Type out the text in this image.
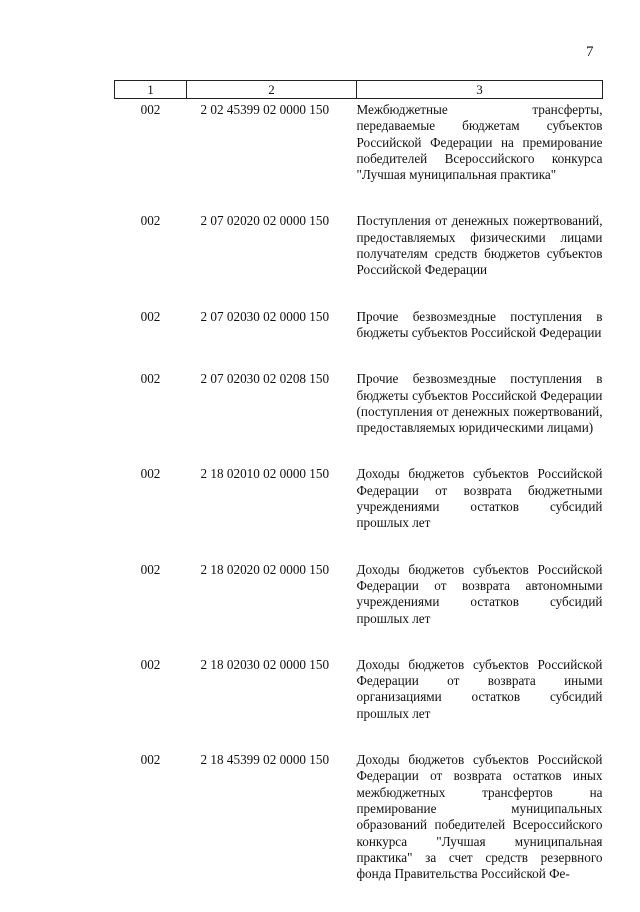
7
1	2	3
002	2 02 45399 02 0000 150	Межбюджетные трансферты, передаваемые бюджетам субъектов Российской Федерации на премирование победителей Всероссийского конкурса "Лучшая муниципальная практика"
002	2 07 02020 02 0000 150	Поступления от денежных пожертвований, предоставляемых физическими лицами получателям средств бюджетов субъектов Российской Федерации
002	2 07 02030 02 0000 150	Прочие безвозмездные поступления в бюджеты субъектов Российской Федерации
002	2 07 02030 02 0208 150	Прочие безвозмездные поступления в бюджеты субъектов Российской Федерации (поступления от денежных пожертвований, предоставляемых юридическими лицами)
002	2 18 02010 02 0000 150	Доходы бюджетов субъектов Российской Федерации от возврата бюджетными учреждениями остатков субсидий прошлых лет
002	2 18 02020 02 0000 150	Доходы бюджетов субъектов Российской Федерации от возврата автономными учреждениями остатков субсидий прошлых лет
002	2 18 02030 02 0000 150	Доходы бюджетов субъектов Российской Федерации от возврата иными организациями остатков субсидий прошлых лет
002	2 18 45399 02 0000 150	Доходы бюджетов субъектов Российской Федерации от возврата остатков иных межбюджетных трансфертов на премирование муниципальных образований победителей Всероссийского конкурса "Лучшая муниципальная практика" за счет средств резервного фонда Правительства Российской Фе-
